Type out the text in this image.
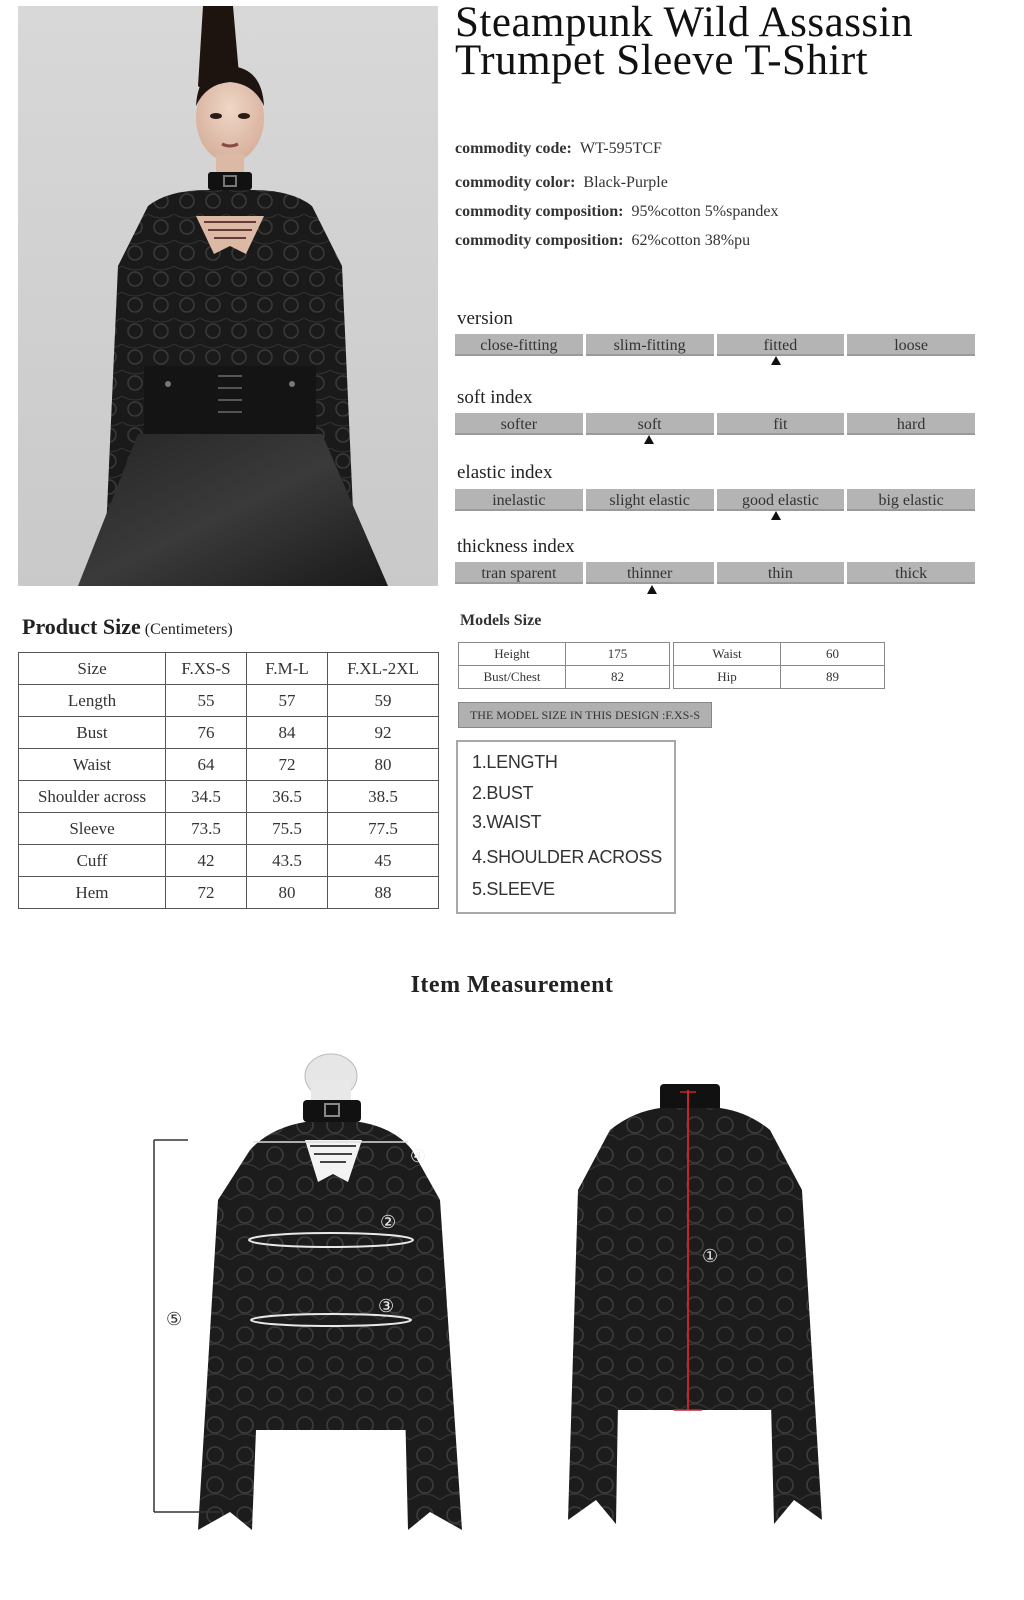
Steampunk Wild Assassin
Trumpet Sleeve T-Shirt
commodity code: WT-595TCF
commodity color: Black-Purple
commodity composition: 95%cotton 5%spandex
commodity composition: 62%cotton 38%pu
version
close-fitting	slim-fitting	fitted	loose
soft index
softer	soft	fit	hard
elastic index
inelastic	slight elastic	good elastic	big elastic
thickness index
tran sparent	thinner	thin	thick
Product Size (Centimeters)
Size	F.XS-S	F.M-L	F.XL-2XL
Length	55	57	59
Bust	76	84	92
Waist	64	72	80
Shoulder across	34.5	36.5	38.5
Sleeve	73.5	75.5	77.5
Cuff	42	43.5	45
Hem	72	80	88
Models Size
Height	175
Bust/Chest	82
Waist	60
Hip	89
THE MODEL SIZE IN THIS DESIGN :F.XS-S
1.LENGTH
2.BUST
3.WAIST
4.SHOULDER ACROSS
5.SLEEVE
Item Measurement
④
②
③
⑤
①
